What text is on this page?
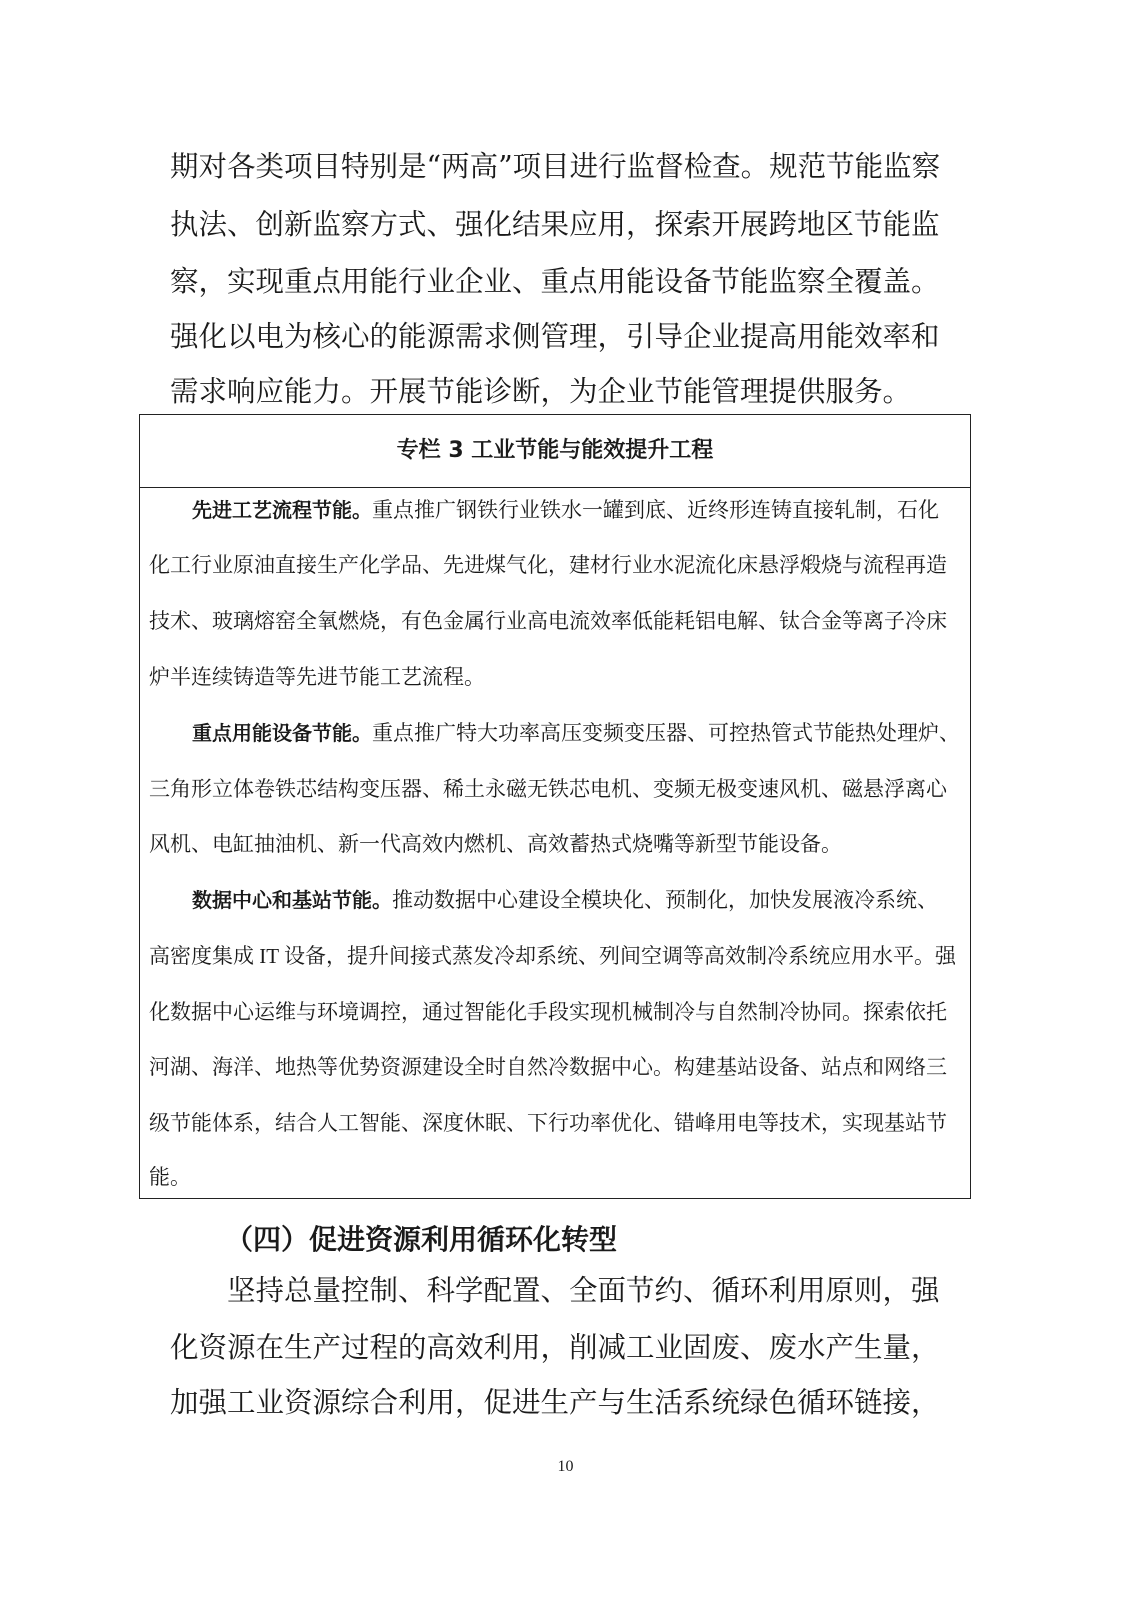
期对各类项目特别是“两高”项目进行监督检查。规范节能监察

执法、创新监察方式、强化结果应用，探索开展跨地区节能监

察，实现重点用能行业企业、重点用能设备节能监察全覆盖。

强化以电为核心的能源需求侧管理，引导企业提高用能效率和

需求响应能力。开展节能诊断，为企业节能管理提供服务。

专栏 3 工业节能与能效提升工程

先进工艺流程节能。重点推广钢铁行业铁水一罐到底、近终形连铸直接轧制，石化

化工行业原油直接生产化学品、先进煤气化，建材行业水泥流化床悬浮煅烧与流程再造

技术、玻璃熔窑全氧燃烧，有色金属行业高电流效率低能耗铝电解、钛合金等离子冷床

炉半连续铸造等先进节能工艺流程。

重点用能设备节能。重点推广特大功率高压变频变压器、可控热管式节能热处理炉、

三角形立体卷铁芯结构变压器、稀土永磁无铁芯电机、变频无极变速风机、磁悬浮离心

风机、电缸抽油机、新一代高效内燃机、高效蓄热式烧嘴等新型节能设备。

数据中心和基站节能。推动数据中心建设全模块化、预制化，加快发展液冷系统、

高密度集成 IT 设备，提升间接式蒸发冷却系统、列间空调等高效制冷系统应用水平。强

化数据中心运维与环境调控，通过智能化手段实现机械制冷与自然制冷协同。探索依托

河湖、海洋、地热等优势资源建设全时自然冷数据中心。构建基站设备、站点和网络三

级节能体系，结合人工智能、深度休眠、下行功率优化、错峰用电等技术，实现基站节

能。

（四）促进资源利用循环化转型

坚持总量控制、科学配置、全面节约、循环利用原则，强

化资源在生产过程的高效利用，削减工业固废、废水产生量，

加强工业资源综合利用，促进生产与生活系统绿色循环链接，

10
